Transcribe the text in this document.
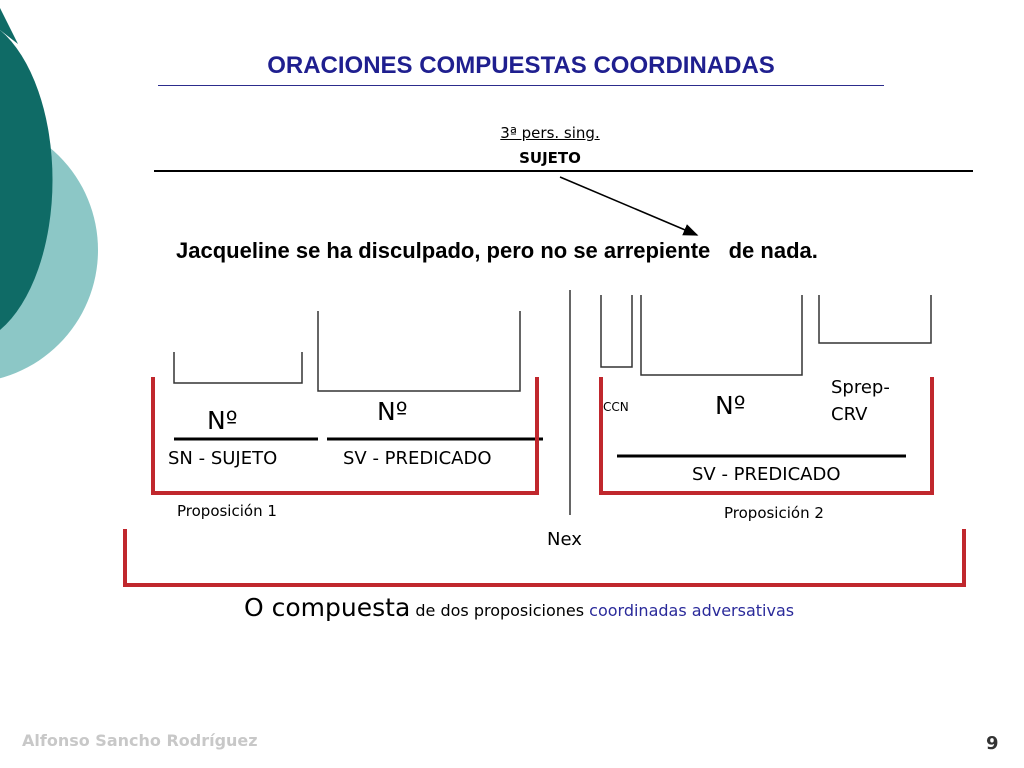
ORACIONES COMPUESTAS COORDINADAS
3ª pers. sing.
SUJETO
Jacqueline se ha disculpado, pero no se arrepiente   de nada.
Nº	Nº
SN - SUJETO	SV - PREDICADO
Proposición 1
CCN	Nº
Sprep-
CRV
SV - PREDICADO
Proposición 2
Nex
O compuesta de dos proposiciones coordinadas adversativas
Alfonso Sancho Rodríguez	9
